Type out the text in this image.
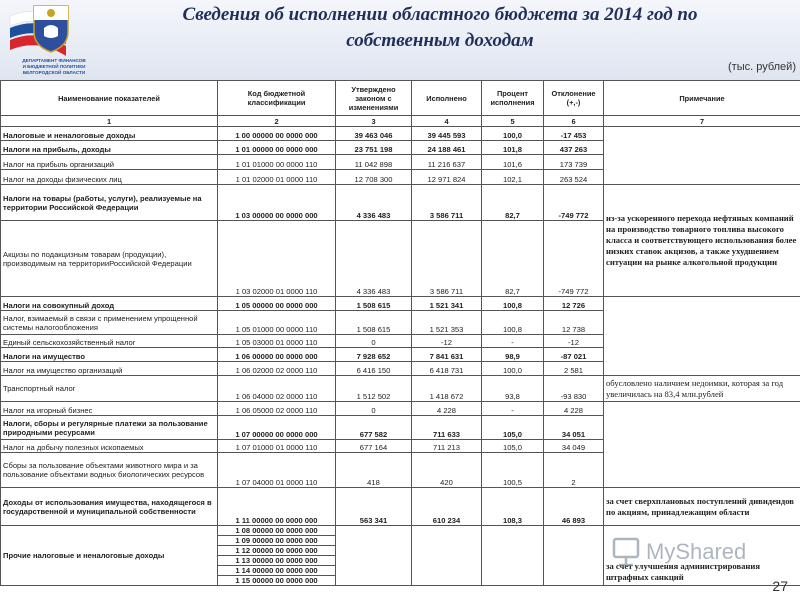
ДЕПАРТАМЕНТ ФИНАНСОВ
И БЮДЖЕТНОЙ ПОЛИТИКИ
БЕЛГОРОДСКОЙ ОБЛАСТИ
Сведения об исполнении областного бюджета за 2014 год по
собственным доходам
(тыс. рублей)
Наименование показателей	Код бюджетной классификации	Утверждено законом с изменениями	Исполнено	Процент исполнения	Отклонение (+,-)	Примечание
1	2	3	4	5	6	7
Налоговые и неналоговые доходы	1 00 00000 00 0000 000	39 463 046	39 445 593	100,0	-17 453	
Налоги на прибыль, доходы	1 01 00000 00 0000 000	23 751 198	24 188 461	101,8	437 263	
Налог на прибыль организаций	1 01 01000 00 0000 110	11 042 898	11 216 637	101,6	173 739	
Налог на доходы физических лиц	1 01 02000 01 0000 110	12 708 300	12 971 824	102,1	263 524	
Налоги на товары (работы, услуги), реализуемые на территории Российской Федерации	1 03 00000 00 0000 000	4 336 483	3 586 711	82,7	-749 772	из-за ускоренного перехода нефтяных компаний на производство товарного топлива высокого класса и соответствующего использования более низких ставок акцизов, а также ухудшением ситуации на рынке алкогольной продукции
Акцизы по подакцизным товарам (продукции), производимым на территорииРоссийской Федерации	1 03 02000 01 0000 110	4 336 483	3 586 711	82,7	-749 772	
Налоги на совокупный доход	1 05 00000 00 0000 000	1 508 615	1 521 341	100,8	12 726	
Налог, взимаемый в связи с применением упрощенной системы налогообложения	1 05 01000 00 0000 110	1 508 615	1 521 353	100,8	12 738	
Единый сельскохозяйственный налог	1 05 03000 01 0000 110	0	-12	-	-12	
Налоги на имущество	1 06 00000 00 0000 000	7 928 652	7 841 631	98,9	-87 021	
Налог на имущество организаций	1 06 02000 02 0000 110	6 416 150	6 418 731	100,0	2 581	
Транспортный налог	1 06 04000 02 0000 110	1 512 502	1 418 672	93,8	-93 830	обусловлено наличием недоимки, которая за год увеличилась на 83,4 млн.рублей
Налог на игорный бизнес	1 06 05000 02 0000 110	0	4 228	-	4 228	
Налоги, сборы и регулярные платежи за пользование природными ресурсами	1 07 00000 00 0000 000	677 582	711 633	105,0	34 051	
Налог на добычу полезных ископаемых	1 07 01000 01 0000 110	677 164	711 213	105,0	34 049	
Сборы за пользование объектами животного мира и за пользование объектами водных биологических ресурсов	1 07 04000 01 0000 110	418	420	100,5	2	
Доходы от использования имущества, находящегося в государственной и муниципальной собственности	1 11 00000 00 0000 000	563 341	610 234	108,3	46 893	за счет сверхплановых поступлений дивидендов по акциям, принадлежащим области
Прочие налоговые и неналоговые доходы	1 08 00000 00 0000 000					за счет улучшения администрирования штрафных санкций
	1 09 00000 00 0000 000					
	1 12 00000 00 0000 000					
	1 13 00000 00 0000 000					
	1 14 00000 00 0000 000					
	1 15 00000 00 0000 000					
MyShared
27
